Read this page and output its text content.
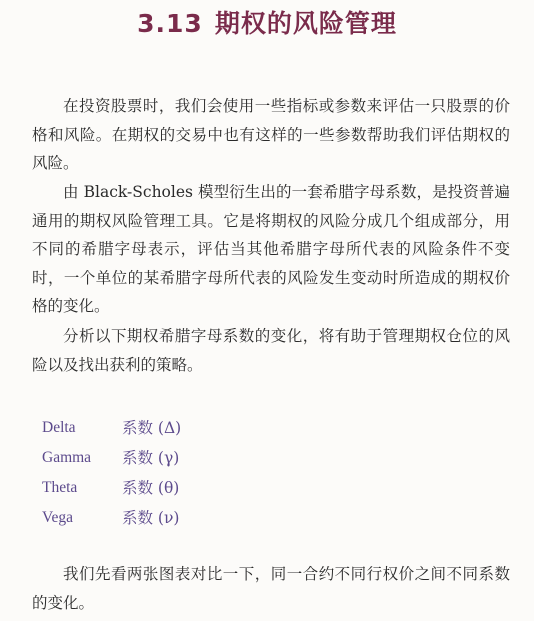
3.13 期权的风险管理

在投资股票时，我们会使用一些指标或参数来评估一只股票的价格和风险。在期权的交易中也有这样的一些参数帮助我们评估期权的风险。

由 Black-Scholes 模型衍生出的一套希腊字母系数，是投资普遍通用的期权风险管理工具。它是将期权的风险分成几个组成部分，用不同的希腊字母表示，评估当其他希腊字母所代表的风险条件不变时，一个单位的某希腊字母所代表的风险发生变动时所造成的期权价格的变化。

分析以下期权希腊字母系数的变化，将有助于管理期权仓位的风险以及找出获利的策略。

Delta	系数 (Δ)
Gamma	系数 (γ)
Theta	系数 (θ)
Vega	系数 (ν)

我们先看两张图表对比一下，同一合约不同行权价之间不同系数的变化。
